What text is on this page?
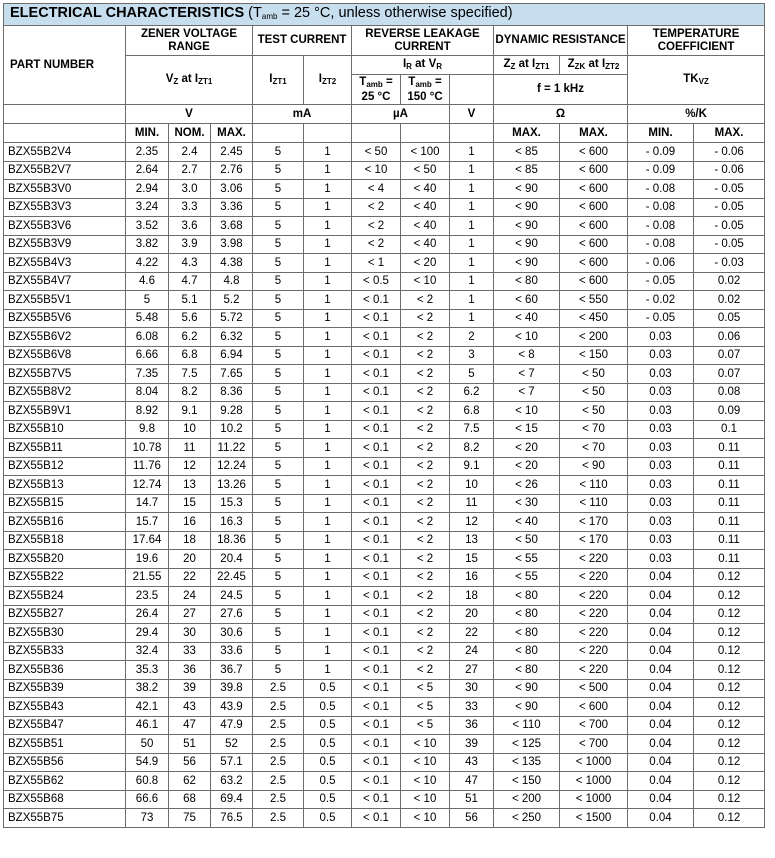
ELECTRICAL CHARACTERISTICS ($T_{amb} = 25$ °C, unless otherwise specified)												
PART NUMBER	ZENER VOLTAGE RANGE			TEST CURRENT		REVERSE LEAKAGE CURRENT			DYNAMIC RESISTANCE		TEMPERATURE COEFFICIENT	
	$V_Z$ at $I_{ZT1}$			$I_{ZT1}$	$I_{ZT2}$	$I_R$ at $V_R$			$Z_Z$ at $I_{ZT1}$	$Z_{ZK}$ at $I_{ZT2}$	$TK_{VZ}$
						$T_{amb}$ =
25 °C	$T_{amb}$ =
150 °C		f = 1 kHz			
	V			mA		µA		V	Ω		%/K	
	MIN.	NOM.	MAX.						MAX.	MAX.	MIN.	MAX.
BZX55B2V4	2.35	2.4	2.45	5	1	< 50	< 100	1	< 85	< 600	- 0.09	- 0.06
BZX55B2V7	2.64	2.7	2.76	5	1	< 10	< 50	1	< 85	< 600	- 0.09	- 0.06
BZX55B3V0	2.94	3.0	3.06	5	1	< 4	< 40	1	< 90	< 600	- 0.08	- 0.05
BZX55B3V3	3.24	3.3	3.36	5	1	< 2	< 40	1	< 90	< 600	- 0.08	- 0.05
BZX55B3V6	3.52	3.6	3.68	5	1	< 2	< 40	1	< 90	< 600	- 0.08	- 0.05
BZX55B3V9	3.82	3.9	3.98	5	1	< 2	< 40	1	< 90	< 600	- 0.08	- 0.05
BZX55B4V3	4.22	4.3	4.38	5	1	< 1	< 20	1	< 90	< 600	- 0.06	- 0.03
BZX55B4V7	4.6	4.7	4.8	5	1	< 0.5	< 10	1	< 80	< 600	- 0.05	0.02
BZX55B5V1	5	5.1	5.2	5	1	< 0.1	< 2	1	< 60	< 550	- 0.02	0.02
BZX55B5V6	5.48	5.6	5.72	5	1	< 0.1	< 2	1	< 40	< 450	- 0.05	0.05
BZX55B6V2	6.08	6.2	6.32	5	1	< 0.1	< 2	2	< 10	< 200	0.03	0.06
BZX55B6V8	6.66	6.8	6.94	5	1	< 0.1	< 2	3	< 8	< 150	0.03	0.07
BZX55B7V5	7.35	7.5	7.65	5	1	< 0.1	< 2	5	< 7	< 50	0.03	0.07
BZX55B8V2	8.04	8.2	8.36	5	1	< 0.1	< 2	6.2	< 7	< 50	0.03	0.08
BZX55B9V1	8.92	9.1	9.28	5	1	< 0.1	< 2	6.8	< 10	< 50	0.03	0.09
BZX55B10	9.8	10	10.2	5	1	< 0.1	< 2	7.5	< 15	< 70	0.03	0.1
BZX55B11	10.78	11	11.22	5	1	< 0.1	< 2	8.2	< 20	< 70	0.03	0.11
BZX55B12	11.76	12	12.24	5	1	< 0.1	< 2	9.1	< 20	< 90	0.03	0.11
BZX55B13	12.74	13	13.26	5	1	< 0.1	< 2	10	< 26	< 110	0.03	0.11
BZX55B15	14.7	15	15.3	5	1	< 0.1	< 2	11	< 30	< 110	0.03	0.11
BZX55B16	15.7	16	16.3	5	1	< 0.1	< 2	12	< 40	< 170	0.03	0.11
BZX55B18	17.64	18	18.36	5	1	< 0.1	< 2	13	< 50	< 170	0.03	0.11
BZX55B20	19.6	20	20.4	5	1	< 0.1	< 2	15	< 55	< 220	0.03	0.11
BZX55B22	21.55	22	22.45	5	1	< 0.1	< 2	16	< 55	< 220	0.04	0.12
BZX55B24	23.5	24	24.5	5	1	< 0.1	< 2	18	< 80	< 220	0.04	0.12
BZX55B27	26.4	27	27.6	5	1	< 0.1	< 2	20	< 80	< 220	0.04	0.12
BZX55B30	29.4	30	30.6	5	1	< 0.1	< 2	22	< 80	< 220	0.04	0.12
BZX55B33	32.4	33	33.6	5	1	< 0.1	< 2	24	< 80	< 220	0.04	0.12
BZX55B36	35.3	36	36.7	5	1	< 0.1	< 2	27	< 80	< 220	0.04	0.12
BZX55B39	38.2	39	39.8	2.5	0.5	< 0.1	< 5	30	< 90	< 500	0.04	0.12
BZX55B43	42.1	43	43.9	2.5	0.5	< 0.1	< 5	33	< 90	< 600	0.04	0.12
BZX55B47	46.1	47	47.9	2.5	0.5	< 0.1	< 5	36	< 110	< 700	0.04	0.12
BZX55B51	50	51	52	2.5	0.5	< 0.1	< 10	39	< 125	< 700	0.04	0.12
BZX55B56	54.9	56	57.1	2.5	0.5	< 0.1	< 10	43	< 135	< 1000	0.04	0.12
BZX55B62	60.8	62	63.2	2.5	0.5	< 0.1	< 10	47	< 150	< 1000	0.04	0.12
BZX55B68	66.6	68	69.4	2.5	0.5	< 0.1	< 10	51	< 200	< 1000	0.04	0.12
BZX55B75	73	75	76.5	2.5	0.5	< 0.1	< 10	56	< 250	< 1500	0.04	0.12
